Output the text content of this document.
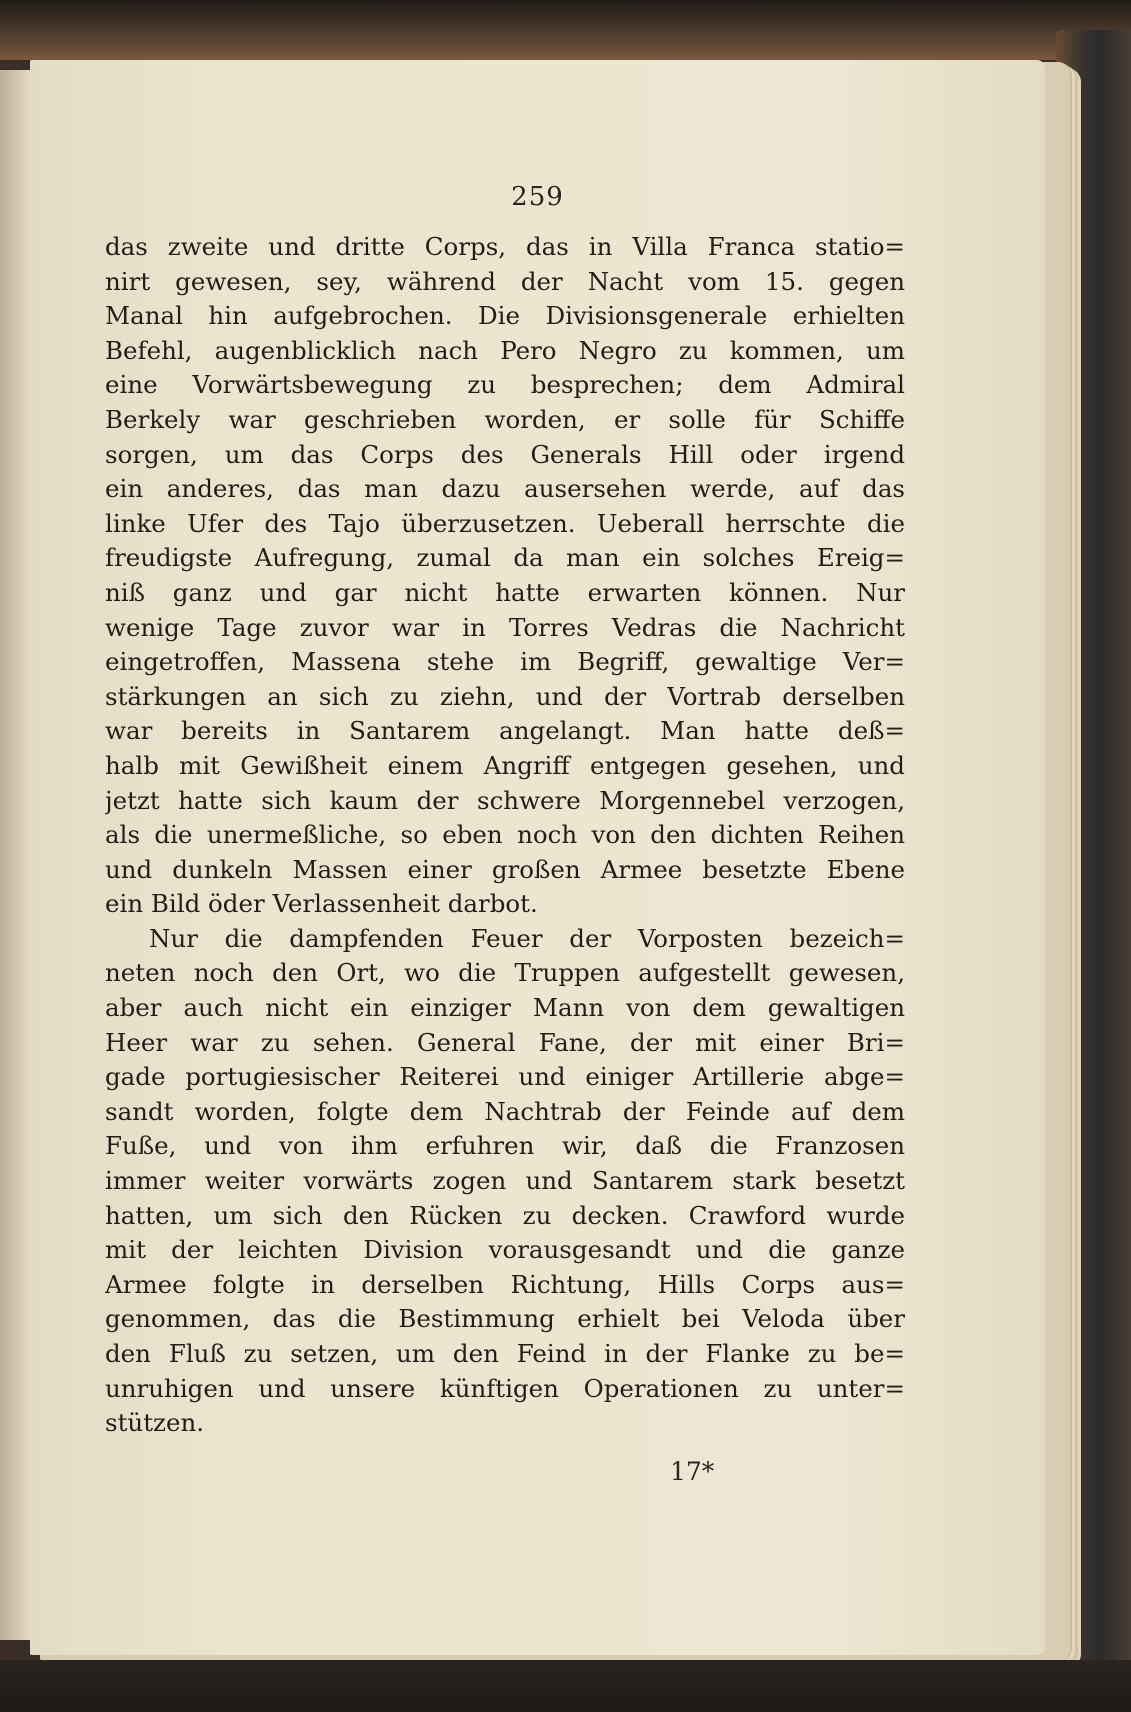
259
das zweite und dritte Corps, das in Villa Franca statio=
nirt gewesen, sey, während der Nacht vom 15. gegen
Manal hin aufgebrochen. Die Divisionsgenerale erhielten
Befehl, augenblicklich nach Pero Negro zu kommen, um
eine Vorwärtsbewegung zu besprechen; dem Admiral
Berkely war geschrieben worden, er solle für Schiffe
sorgen, um das Corps des Generals Hill oder irgend
ein anderes, das man dazu ausersehen werde, auf das
linke Ufer des Tajo überzusetzen. Ueberall herrschte die
freudigste Aufregung, zumal da man ein solches Ereig=
niß ganz und gar nicht hatte erwarten können. Nur
wenige Tage zuvor war in Torres Vedras die Nachricht
eingetroffen, Massena stehe im Begriff, gewaltige Ver=
stärkungen an sich zu ziehn, und der Vortrab derselben
war bereits in Santarem angelangt. Man hatte deß=
halb mit Gewißheit einem Angriff entgegen gesehen, und
jetzt hatte sich kaum der schwere Morgennebel verzogen,
als die unermeßliche, so eben noch von den dichten Reihen
und dunkeln Massen einer großen Armee besetzte Ebene
ein Bild öder Verlassenheit darbot.
Nur die dampfenden Feuer der Vorposten bezeich=
neten noch den Ort, wo die Truppen aufgestellt gewesen,
aber auch nicht ein einziger Mann von dem gewaltigen
Heer war zu sehen. General Fane, der mit einer Bri=
gade portugiesischer Reiterei und einiger Artillerie abge=
sandt worden, folgte dem Nachtrab der Feinde auf dem
Fuße, und von ihm erfuhren wir, daß die Franzosen
immer weiter vorwärts zogen und Santarem stark besetzt
hatten, um sich den Rücken zu decken. Crawford wurde
mit der leichten Division vorausgesandt und die ganze
Armee folgte in derselben Richtung, Hills Corps aus=
genommen, das die Bestimmung erhielt bei Veloda über
den Fluß zu setzen, um den Feind in der Flanke zu be=
unruhigen und unsere künftigen Operationen zu unter=
stützen.
17*
